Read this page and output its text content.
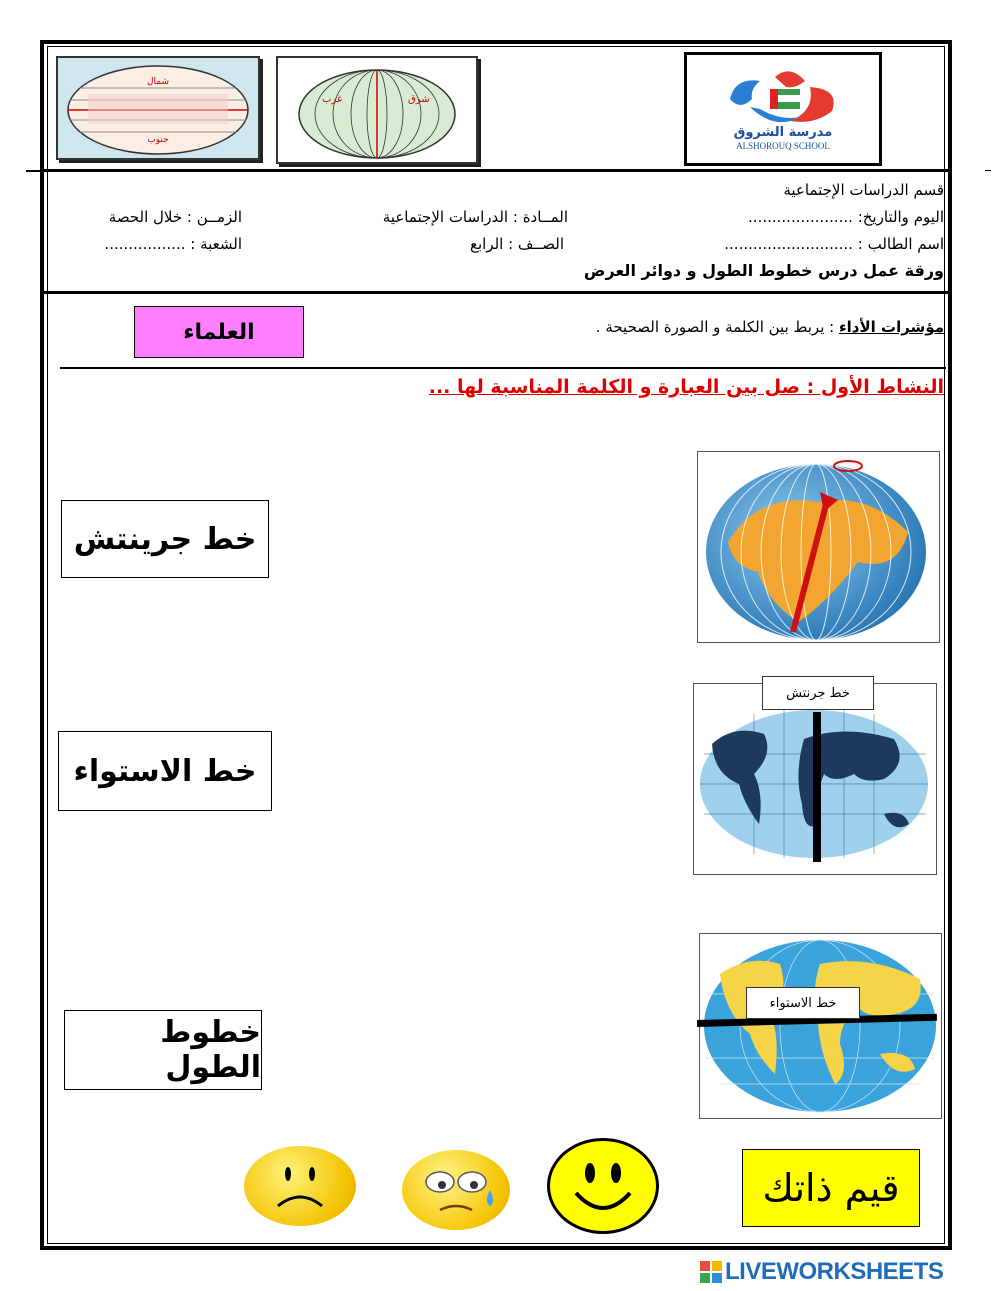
شمال
جنوب
شرق
غرب
مدرسة الشروق
ALSHOROUQ SCHOOL
قسم الدراسات الإجتماعية
اليوم والتاريخ: ......................
المــادة : الدراسات الإجتماعية
الزمــن : خلال الحصة
اسم الطالب : ...........................
الصــف : الرابع
الشعبة : .................
ورقة عمل درس خطوط الطول و دوائر العرض
مؤشرات الأداء : يربط بين الكلمة و الصورة الصحيحة .
العلماء
النشاط الأول : صل بين العبارة و الكلمة المناسبة لها ...
خط جرينتش
خط الاستواء
خطوط الطول
خط جرنتش
خط الاستواء
قيم ذاتك
LIVEWORKSHEETS
